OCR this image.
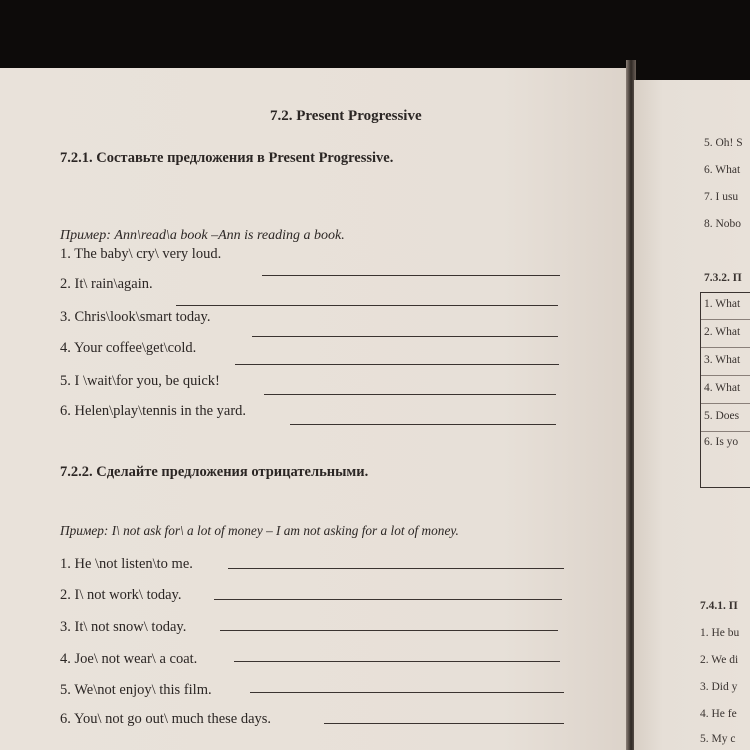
7.2. Present Progressive
7.2.1. Составьте предложения в Present Progressive.
Пример: Ann\read\a book –Ann is reading a book.
1. The baby\ cry\ very loud.
2. It\ rain\again.
3. Chris\look\smart today.
4. Your coffee\get\cold.
5. I \wait\for you, be quick!
6. Helen\play\tennis in the yard.
7.2.2. Сделайте предложения отрицательными.
Пример: I\ not ask for\ a lot of money – I am not asking for a lot of money.
1. He \not listen\to me.
2. I\ not work\ today.
3. It\ not snow\ today.
4. Joe\ not wear\ a coat.
5. We\not enjoy\ this film.
6. You\ not go out\ much these days.
5. Oh! S
6. What
7. I usu
8. Nobo
7.3.2. П
1. What
2. What
3. What
4. What
5. Does
6. Is yo
7.4.1. П
1. He bu
2. We di
3. Did y
4. He fe
5. My c
